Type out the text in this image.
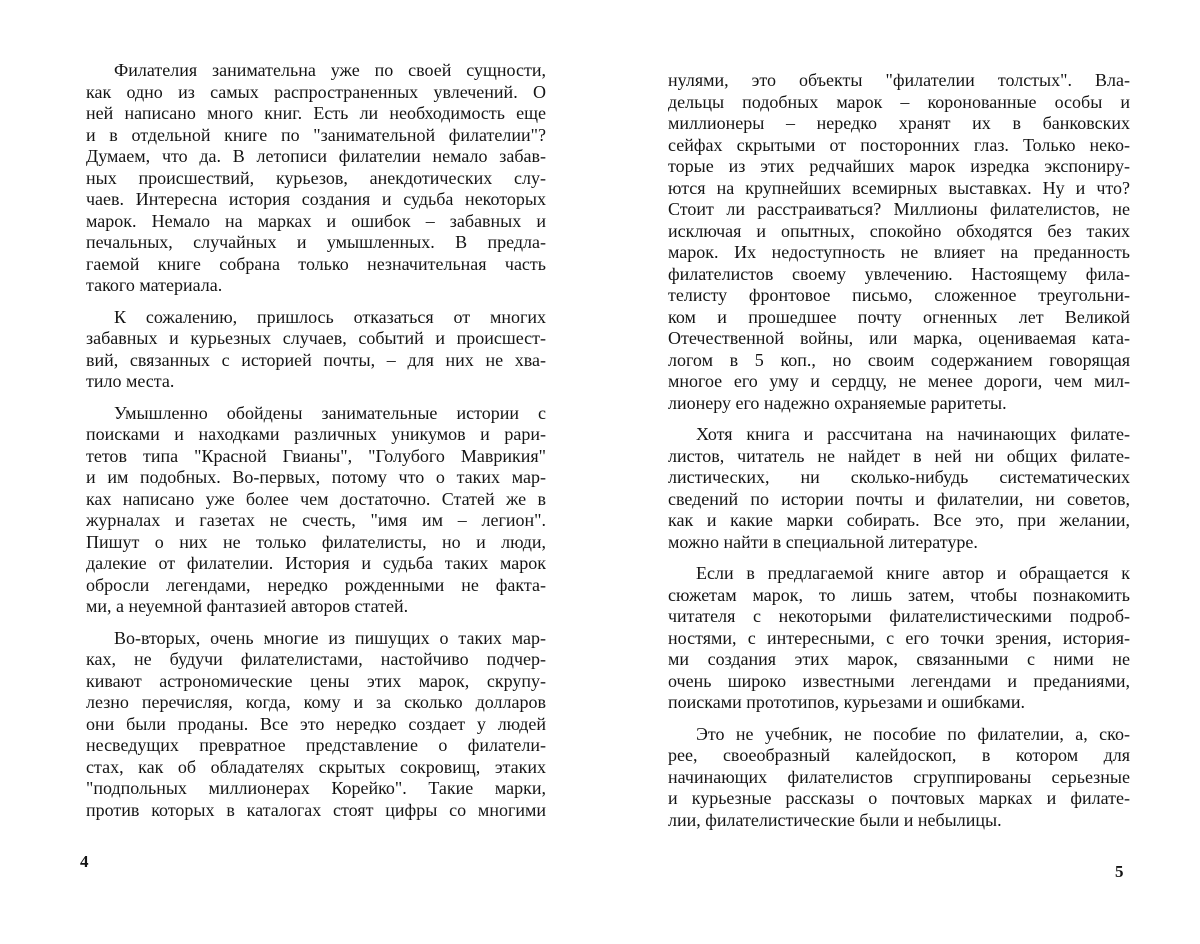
Филателия занимательна уже по своей сущности,
как одно из самых распространенных увлечений. О
ней написано много книг. Есть ли необходимость еще
и в отдельной книге по "занимательной филателии"?
Думаем, что да. В летописи филателии немало забав-
ных происшествий, курьезов, анекдотических слу-
чаев. Интересна история создания и судьба некоторых
марок. Немало на марках и ошибок – забавных и
печальных, случайных и умышленных. В предла-
гаемой книге собрана только незначительная часть
такого материала.
К сожалению, пришлось отказаться от многих
забавных и курьезных случаев, событий и происшест-
вий, связанных с историей почты, – для них не хва-
тило места.
Умышленно обойдены занимательные истории с
поисками и находками различных уникумов и рари-
тетов типа "Красной Гвианы", "Голубого Маврикия"
и им подобных. Во-первых, потому что о таких мар-
ках написано уже более чем достаточно. Статей же в
журналах и газетах не счесть, "имя им – легион".
Пишут о них не только филателисты, но и люди,
далекие от филателии. История и судьба таких марок
обросли легендами, нередко рожденными не факта-
ми, а неуемной фантазией авторов статей.
Во-вторых, очень многие из пишущих о таких мар-
ках, не будучи филателистами, настойчиво подчер-
кивают астрономические цены этих марок, скрупу-
лезно перечисляя, когда, кому и за сколько долларов
они были проданы. Все это нередко создает у людей
несведущих превратное представление о филатели-
стах, как об обладателях скрытых сокровищ, этаких
"подпольных миллионерах Корейко". Такие марки,
против которых в каталогах стоят цифры со многими
4
нулями, это объекты "филателии толстых". Вла-
дельцы подобных марок – коронованные особы и
миллионеры – нередко хранят их в банковских
сейфах скрытыми от посторонних глаз. Только неко-
торые из этих редчайших марок изредка экспониру-
ются на крупнейших всемирных выставках. Ну и что?
Стоит ли расстраиваться? Миллионы филателистов, не
исключая и опытных, спокойно обходятся без таких
марок. Их недоступность не влияет на преданность
филателистов своему увлечению. Настоящему фила-
телисту фронтовое письмо, сложенное треугольни-
ком и прошедшее почту огненных лет Великой
Отечественной войны, или марка, оцениваемая ката-
логом в 5 коп., но своим содержанием говорящая
многое его уму и сердцу, не менее дороги, чем мил-
лионеру его надежно охраняемые раритеты.
Хотя книга и рассчитана на начинающих филате-
листов, читатель не найдет в ней ни общих филате-
листических, ни сколько-нибудь систематических
сведений по истории почты и филателии, ни советов,
как и какие марки собирать. Все это, при желании,
можно найти в специальной литературе.
Если в предлагаемой книге автор и обращается к
сюжетам марок, то лишь затем, чтобы познакомить
читателя с некоторыми филателистическими подроб-
ностями, с интересными, с его точки зрения, история-
ми создания этих марок, связанными с ними не
очень широко известными легендами и преданиями,
поисками прототипов, курьезами и ошибками.
Это не учебник, не пособие по филателии, а, ско-
рее, своеобразный калейдоскоп, в котором для
начинающих филателистов сгруппированы серьезные
и курьезные рассказы о почтовых марках и филате-
лии, филателистические были и небылицы.
5
